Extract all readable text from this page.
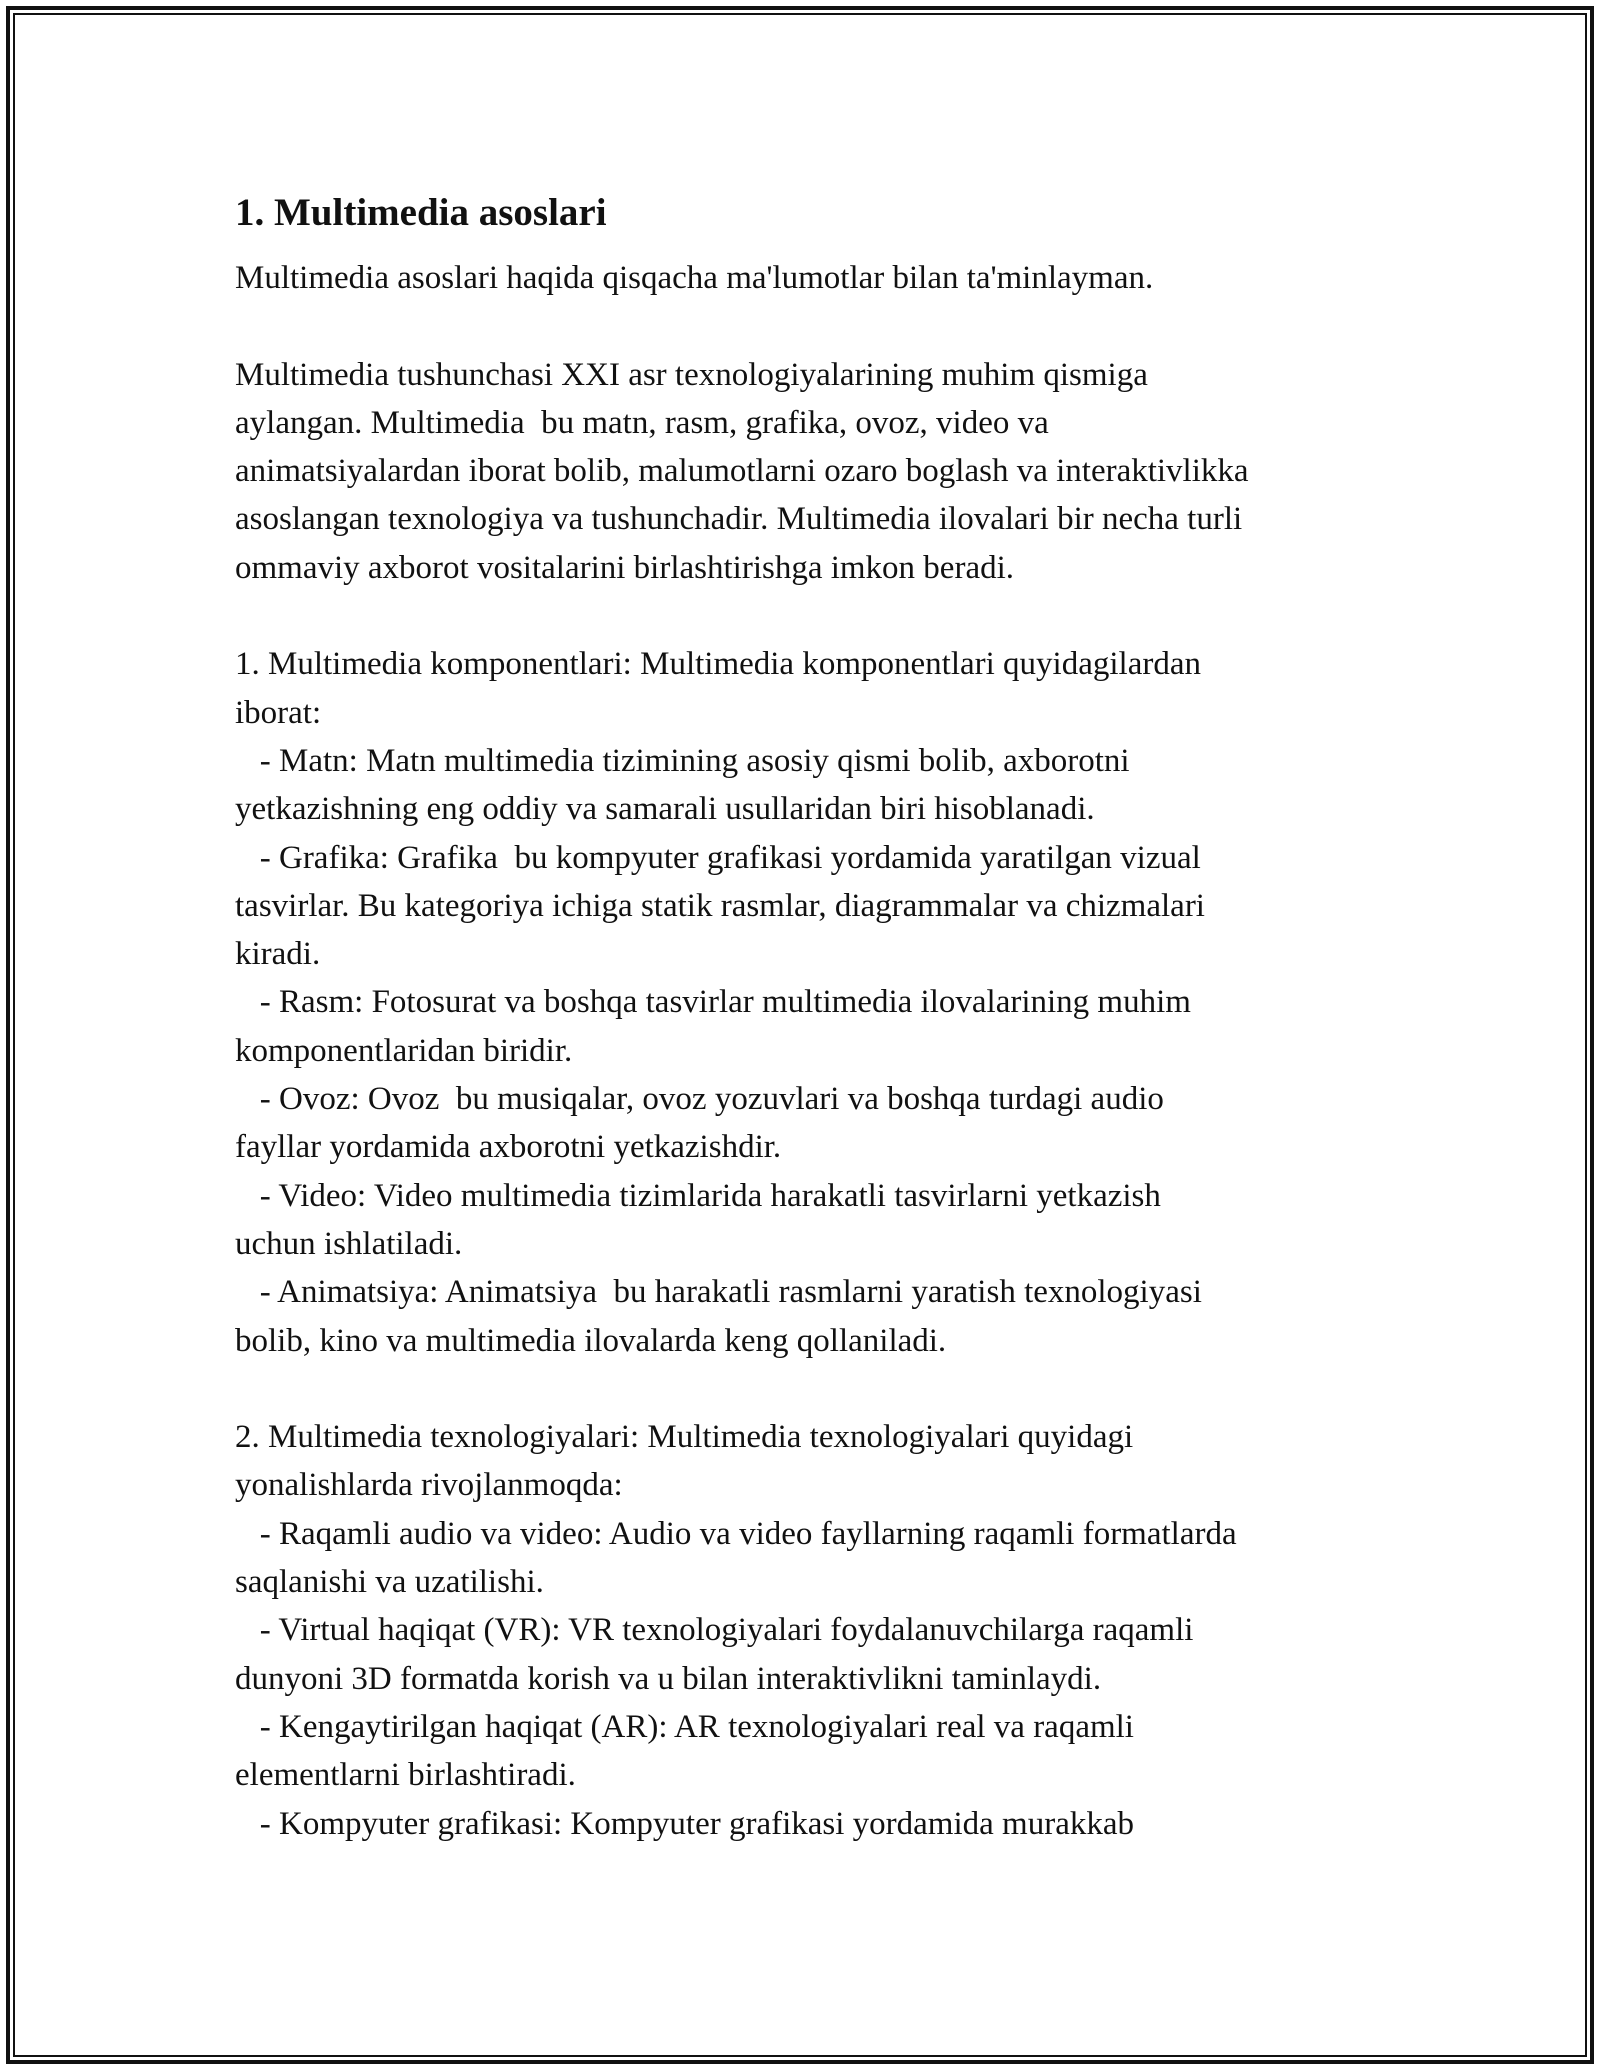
1. Multimedia asoslari
Multimedia asoslari haqida qisqacha ma'lumotlar bilan ta'minlayman.
Multimedia tushunchasi XXI asr texnologiyalarining muhim qismiga
aylangan. Multimedia  bu matn, rasm, grafika, ovoz, video va
animatsiyalardan iborat bolib, malumotlarni ozaro boglash va interaktivlikka
asoslangan texnologiya va tushunchadir. Multimedia ilovalari bir necha turli
ommaviy axborot vositalarini birlashtirishga imkon beradi.
1. Multimedia komponentlari: Multimedia komponentlari quyidagilardan
iborat:
- Matn: Matn multimedia tizimining asosiy qismi bolib, axborotni
yetkazishning eng oddiy va samarali usullaridan biri hisoblanadi.
- Grafika: Grafika  bu kompyuter grafikasi yordamida yaratilgan vizual
tasvirlar. Bu kategoriya ichiga statik rasmlar, diagrammalar va chizmalari
kiradi.
- Rasm: Fotosurat va boshqa tasvirlar multimedia ilovalarining muhim
komponentlaridan biridir.
- Ovoz: Ovoz  bu musiqalar, ovoz yozuvlari va boshqa turdagi audio
fayllar yordamida axborotni yetkazishdir.
- Video: Video multimedia tizimlarida harakatli tasvirlarni yetkazish
uchun ishlatiladi.
- Animatsiya: Animatsiya  bu harakatli rasmlarni yaratish texnologiyasi
bolib, kino va multimedia ilovalarda keng qollaniladi.
2. Multimedia texnologiyalari: Multimedia texnologiyalari quyidagi
yonalishlarda rivojlanmoqda:
- Raqamli audio va video: Audio va video fayllarning raqamli formatlarda
saqlanishi va uzatilishi.
- Virtual haqiqat (VR): VR texnologiyalari foydalanuvchilarga raqamli
dunyoni 3D formatda korish va u bilan interaktivlikni taminlaydi.
- Kengaytirilgan haqiqat (AR): AR texnologiyalari real va raqamli
elementlarni birlashtiradi.
- Kompyuter grafikasi: Kompyuter grafikasi yordamida murakkab
